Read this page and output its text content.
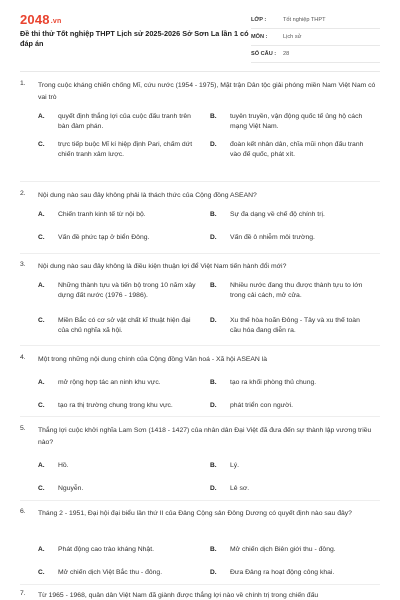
2048.vn
Đề thi thử Tốt nghiệp THPT Lịch sử 2025-2026 Sở Sơn La lần 1 có đáp án
LỚP :	Tốt nghiệp THPT
MÔN :	Lịch sử
SỐ CÂU :	28
1. Trong cuộc kháng chiến chống Mĩ, cứu nước (1954 - 1975), Mặt trận Dân tộc giải phóng miền Nam Việt Nam có vai trò
A. quyết định thắng lợi của cuộc đấu tranh trên bàn đàm phán.
B. tuyên truyền, vận động quốc tế ủng hộ cách mạng Việt Nam.
C. trực tiếp buộc Mĩ kí hiệp định Pari, chấm dứt chiến tranh xâm lược.
D. đoàn kết nhân dân, chĩa mũi nhọn đấu tranh vào đế quốc, phát xít.
2. Nội dung nào sau đây không phải là thách thức của Cộng đồng ASEAN?
A. Chiến tranh kinh tế từ nội bộ.	B. Sự đa dạng về chế độ chính trị.
C. Vấn đề phức tạp ở biển Đông.	D. Vấn đề ô nhiễm môi trường.
3. Nội dung nào sau đây không là điều kiện thuận lợi để Việt Nam tiến hành đổi mới?
A. Những thành tựu và tiến bộ trong 10 năm xây dựng đất nước (1976 - 1986).
B. Nhiều nước đang thu được thành tựu to lớn trong cải cách, mở cửa.
C. Miền Bắc có cơ sở vật chất kĩ thuật hiện đại của chủ nghĩa xã hội.
D. Xu thế hòa hoãn Đông - Tây và xu thế toàn cầu hóa đang diễn ra.
4. Một trong những nội dung chính của Cộng đồng Văn hoá - Xã hội ASEAN là
A. mở rộng hợp tác an ninh khu vực.	B. tạo ra khối phòng thủ chung.
C. tạo ra thị trường chung trong khu vực.	D. phát triển con người.
5. Thắng lợi cuộc khởi nghĩa Lam Sơn (1418 - 1427) của nhân dân Đại Việt đã đưa đến sự thành lập vương triều nào?
A. Hồ.	B. Lý.
C. Nguyễn.	D. Lê sơ.
6. Tháng 2 - 1951, Đại hội đại biểu lần thứ II của Đảng Cộng sản Đông Dương có quyết định nào sau đây?
A. Phát động cao trào kháng Nhật.	B. Mở chiến dịch Biên giới thu - đông.
C. Mở chiến dịch Việt Bắc thu - đông.	D. Đưa Đảng ra hoạt động công khai.
7. Từ 1965 - 1968, quân dân Việt Nam đã giành được thắng lợi nào về chính trị trong chiến đấu
